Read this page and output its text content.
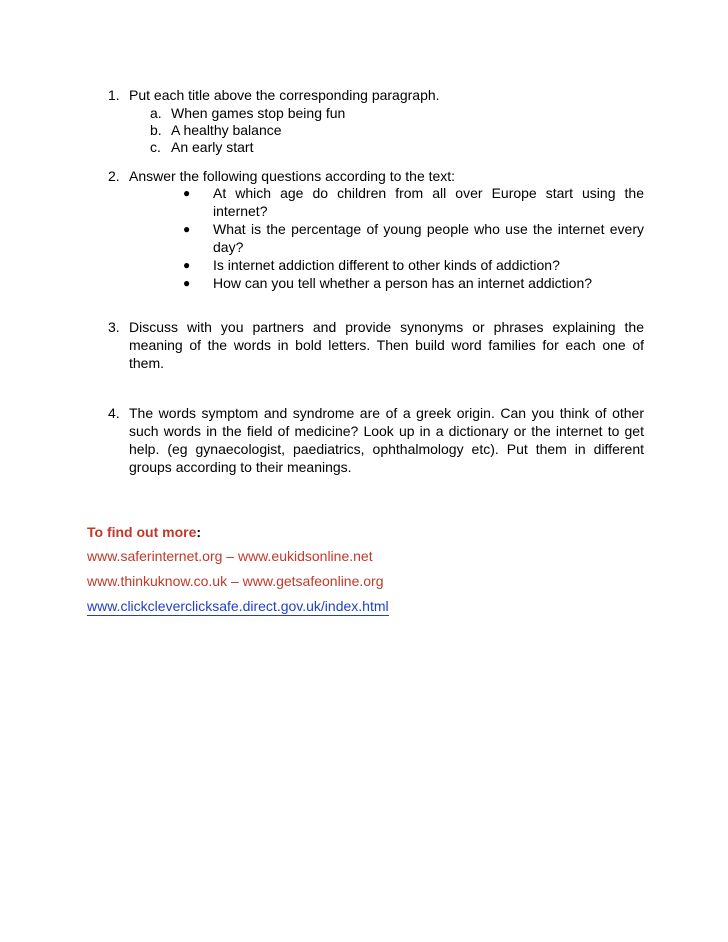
1. Put each title above the corresponding paragraph.
a. When games stop being fun
b. A healthy balance
c. An early start
2. Answer the following questions according to the text:
●	At which age do children from all over Europe start using the
internet?
●	What is the percentage of young people who use the internet every
day?
●	Is internet addiction different to other kinds of addiction?
●	How can you tell whether a person has an internet addiction?
3. Discuss with you partners and provide synonyms or phrases explaining the
meaning of the words in bold letters. Then build word families for each one of
them.
4. The words symptom and syndrome are of a greek origin. Can you think of other
such words in the field of medicine? Look up in a dictionary or the internet to get
help. (eg gynaecologist, paediatrics, ophthalmology etc). Put them in different
groups according to their meanings.
To find out more:
www.saferinternet.org – www.eukidsonline.net
www.thinkuknow.co.uk – www.getsafeonline.org
www.clickcleverclicksafe.direct.gov.uk/index.html
